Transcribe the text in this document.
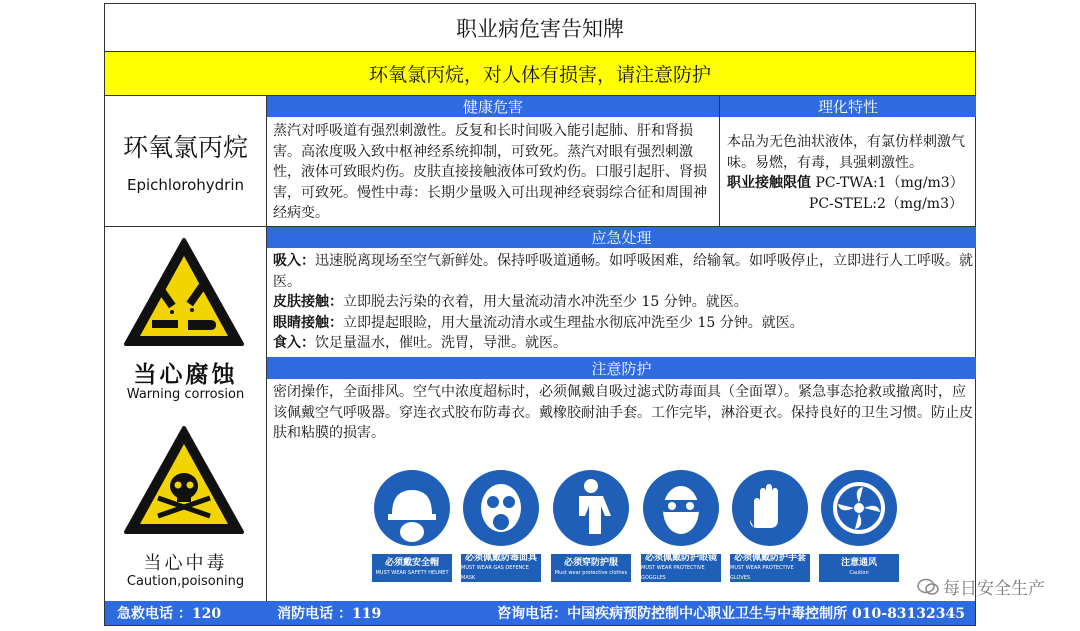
职业病危害告知牌
环氧氯丙烷，对人体有损害，请注意防护
环氧氯丙烷
Epichlorohydrin
健康危害
蒸汽对呼吸道有强烈刺激性。反复和长时间吸入能引起肺、肝和肾损害。高浓度吸入致中枢神经系统抑制，可致死。蒸汽对眼有强烈刺激性，液体可致眼灼伤。皮肤直接接触液体可致灼伤。口服引起肝、肾损害，可致死。慢性中毒：长期少量吸入可出现神经衰弱综合征和周围神经病变。
理化特性
本品为无色油状液体，有氯仿样刺激气味。易燃，有毒，具强刺激性。
职业接触限值 PC-TWA:1（mg/m3）
PC-STEL:2（mg/m3）
应急处理
吸入：迅速脱离现场至空气新鲜处。保持呼吸道通畅。如呼吸困难，给输氧。如呼吸停止，立即进行人工呼吸。就医。
皮肤接触：立即脱去污染的衣着，用大量流动清水冲洗至少 15 分钟。就医。
眼睛接触：立即提起眼睑，用大量流动清水或生理盐水彻底冲洗至少 15 分钟。就医。
食入：饮足量温水，催吐。洗胃，导泄。就医。
注意防护
密闭操作，全面排风。空气中浓度超标时，必须佩戴自吸过滤式防毒面具（全面罩）。紧急事态抢救或撤离时，应该佩戴空气呼吸器。穿连衣式胶布防毒衣。戴橡胶耐油手套。工作完毕，淋浴更衣。保持良好的卫生习惯。防止皮肤和粘膜的损害。
当心腐蚀
Warning corrosion
当心中毒
Caution,poisoning
必须戴安全帽
MUST WEAR SAFETY HELMET
必须佩戴防毒面具
MUST WEAR GAS DEFENCE MASK
必须穿防护服
Must wear protective clothes
必须佩戴防护眼镜
MUST WEAR PROTECTIVE GOGGLES
必须佩戴防护手套
MUST WEAR PROTECTIVE GLOVES
注意通风
Caution
每日安全生产
急救电话 ：120	消防电话 ：119	咨询电话：中国疾病预防控制中心职业卫生与中毒控制所 010-83132345
